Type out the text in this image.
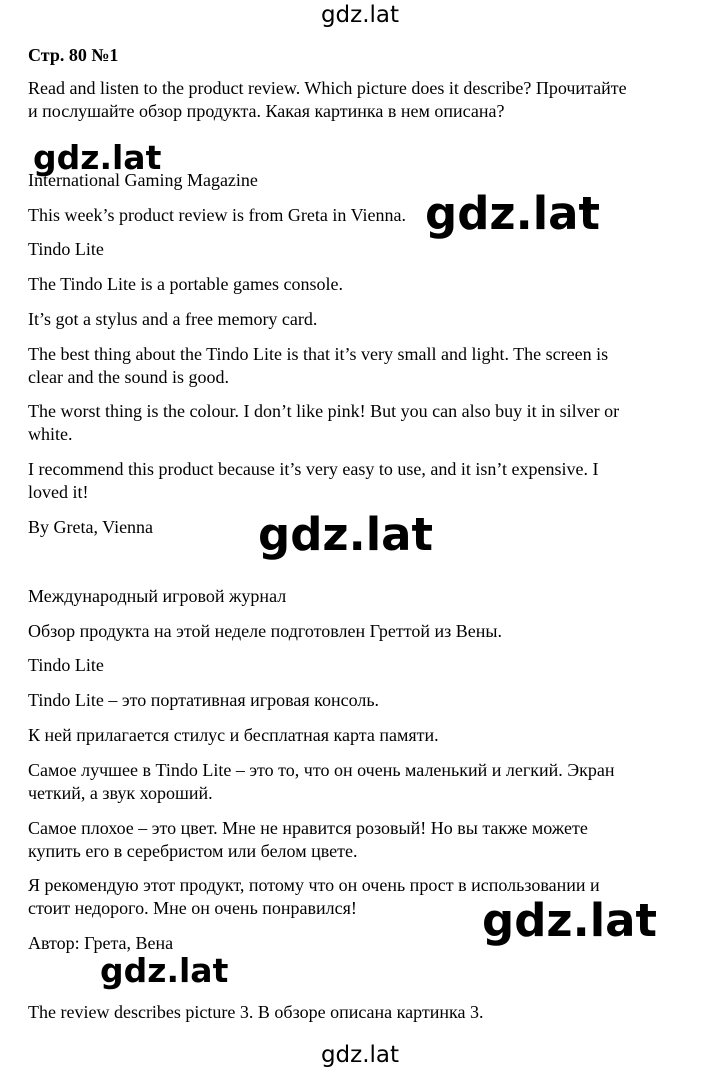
gdz.lat
Стр. 80 №1
Read and listen to the product review. Which picture does it describe? Прочитайте
и послушайте обзор продукта. Какая картинка в нем описана?
International Gaming Magazine
This week’s product review is from Greta in Vienna.
Tindo Lite
The Tindo Lite is a portable games console.
It’s got a stylus and a free memory card.
The best thing about the Tindo Lite is that it’s very small and light. The screen is
clear and the sound is good.
The worst thing is the colour. I don’t like pink! But you can also buy it in silver or
white.
I recommend this product because it’s very easy to use, and it isn’t expensive. I
loved it!
By Greta, Vienna
Международный игровой журнал
Обзор продукта на этой неделе подготовлен Греттой из Вены.
Tindo Lite
Tindo Lite – это портативная игровая консоль.
К ней прилагается стилус и бесплатная карта памяти.
Самое лучшее в Tindo Lite – это то, что он очень маленький и легкий. Экран
четкий, а звук хороший.
Самое плохое – это цвет. Мне не нравится розовый! Но вы также можете
купить его в серебристом или белом цвете.
Я рекомендую этот продукт, потому что он очень прост в использовании и
стоит недорого. Мне он очень понравился!
Автор: Грета, Вена
The review describes picture 3. В обзоре описана картинка 3.
gdz.lat
gdz.lat
gdz.lat
gdz.lat
gdz.lat
gdz.lat
